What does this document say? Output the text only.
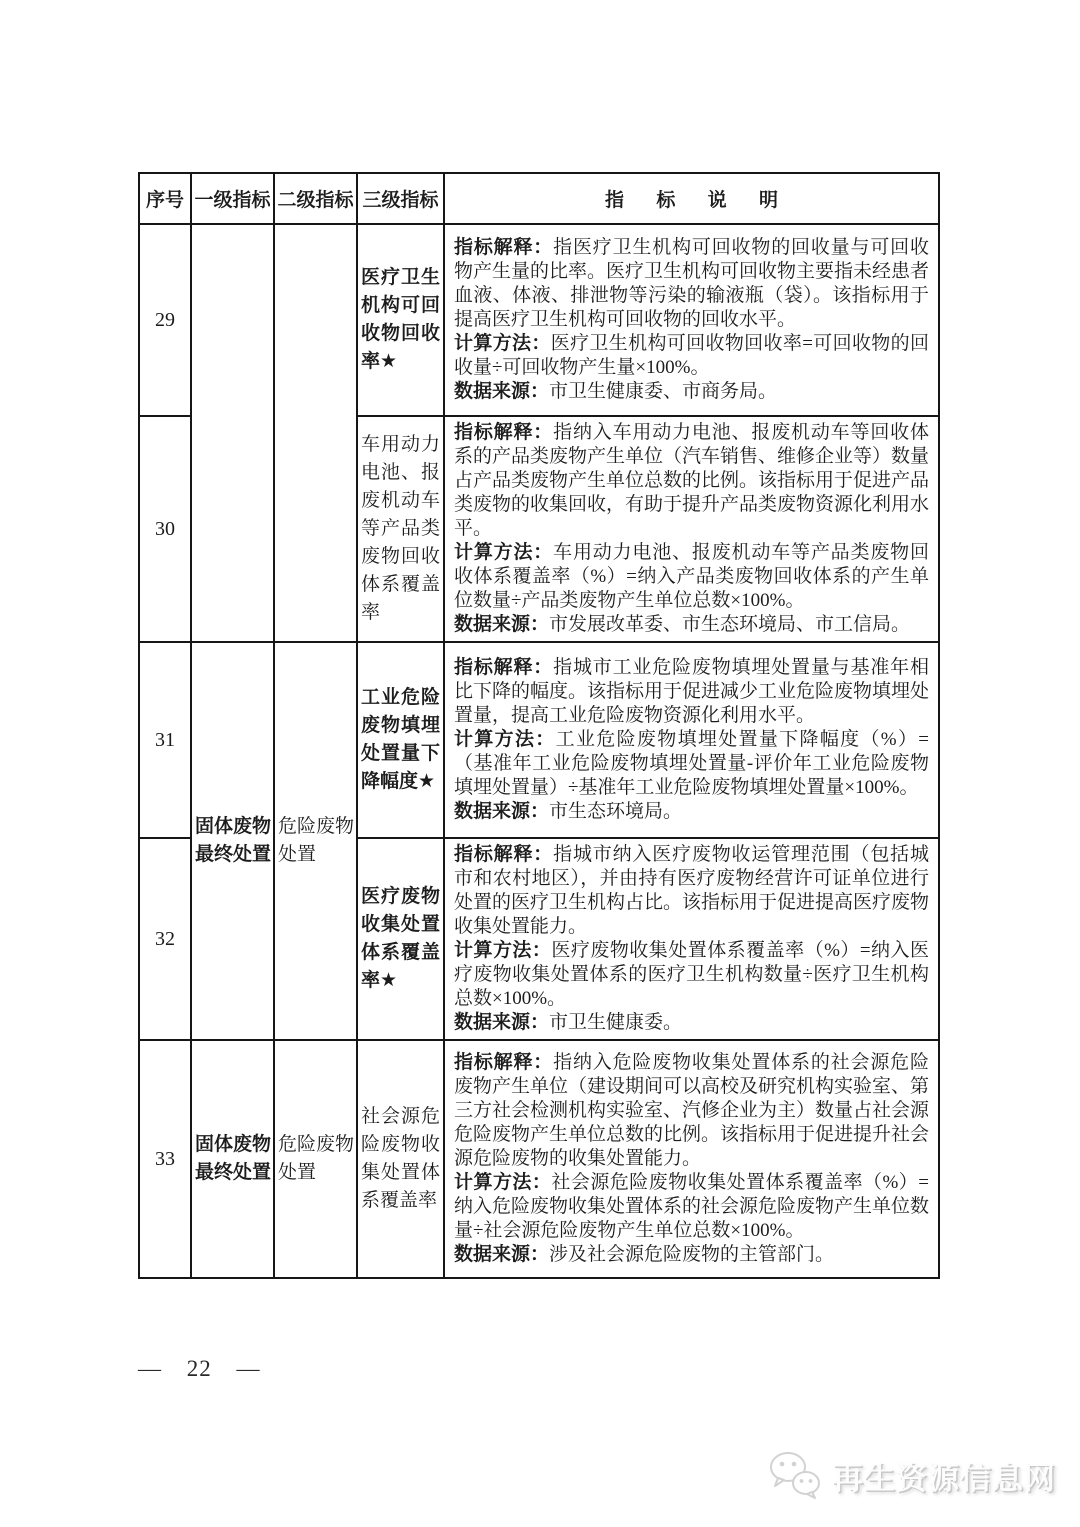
序号	一级指标	二级指标	三级指标	指标说明
29			医疗卫生机构可回收物回收率★	指标解释：指医疗卫生机构可回收物的回收量与可回收物产生量的比率。医疗卫生机构可回收物主要指未经患者血液、体液、排泄物等污染的输液瓶（袋）。该指标用于提高医疗卫生机构可回收物的回收水平。

计算方法：医疗卫生机构可回收物回收率=可回收物的回收量÷可回收物产生量×100%。

数据来源：市卫生健康委、市商务局。

30			车用动力电池、报废机动车等产品类废物回收体系覆盖率	指标解释：指纳入车用动力电池、报废机动车等回收体系的产品类废物产生单位（汽车销售、维修企业等）数量占产品类废物产生单位总数的比例。该指标用于促进产品类废物的收集回收，有助于提升产品类废物资源化利用水平。

计算方法：车用动力电池、报废机动车等产品类废物回收体系覆盖率（%）=纳入产品类废物回收体系的产生单位数量÷产品类废物产生单位总数×100%。

数据来源：市发展改革委、市生态环境局、市工信局。

31	固体废物最终处置	危险废物处置	工业危险废物填埋处置量下降幅度★	指标解释：指城市工业危险废物填埋处置量与基准年相比下降的幅度。该指标用于促进减少工业危险废物填埋处置量，提高工业危险废物资源化利用水平。

计算方法：工业危险废物填埋处置量下降幅度（%）=（基准年工业危险废物填埋处置量-评价年工业危险废物填埋处置量）÷基准年工业危险废物填埋处置量×100%。

数据来源：市生态环境局。

32			医疗废物收集处置体系覆盖率★	指标解释：指城市纳入医疗废物收运管理范围（包括城市和农村地区），并由持有医疗废物经营许可证单位进行处置的医疗卫生机构占比。该指标用于促进提高医疗废物收集处置能力。

计算方法：医疗废物收集处置体系覆盖率（%）=纳入医疗废物收集处置体系的医疗卫生机构数量÷医疗卫生机构总数×100%。

数据来源：市卫生健康委。

33	固体废物最终处置	危险废物处置	社会源危险废物收集处置体系覆盖率	指标解释：指纳入危险废物收集处置体系的社会源危险废物产生单位（建设期间可以高校及研究机构实验室、第三方社会检测机构实验室、汽修企业为主）数量占社会源危险废物产生单位总数的比例。该指标用于促进提升社会源危险废物的收集处置能力。

计算方法：社会源危险废物收集处置体系覆盖率（%）=纳入危险废物收集处置体系的社会源危险废物产生单位数量÷社会源危险废物产生单位总数×100%。

数据来源：涉及社会源危险废物的主管部门。

— 22 —
再生资源信息网
